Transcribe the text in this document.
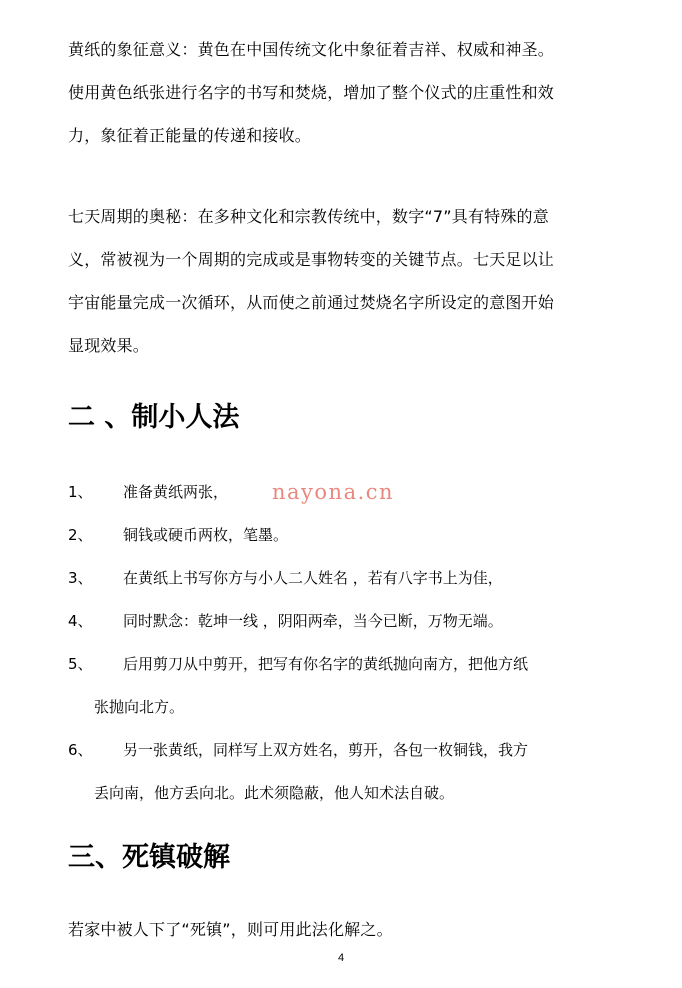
黄纸的象征意义：黄色在中国传统文化中象征着吉祥、权威和神圣。
使用黄色纸张进行名字的书写和焚烧，增加了整个仪式的庄重性和效
力，象征着正能量的传递和接收。
七天周期的奥秘：在多种文化和宗教传统中，数字“7”具有特殊的意
义，常被视为一个周期的完成或是事物转变的关键节点。七天足以让
宇宙能量完成一次循环，从而使之前通过焚烧名字所设定的意图开始
显现效果。
二 、制小人法
1、 准备黄纸两张，
2、 铜钱或硬币两枚，笔墨。
3、 在黄纸上书写你方与小人二人姓名 ，若有八字书上为佳，
4、 同时默念：乾坤一线 ，阴阳两牵，当今已断，万物无端。
5、 后用剪刀从中剪开，把写有你名字的黄纸抛向南方，把他方纸
张抛向北方。
6、 另一张黄纸，同样写上双方姓名，剪开，各包一枚铜钱，我方
丢向南，他方丢向北。此术须隐蔽，他人知术法自破。
nayona.cn
三、死镇破解
若家中被人下了“死镇”，则可用此法化解之。
4
